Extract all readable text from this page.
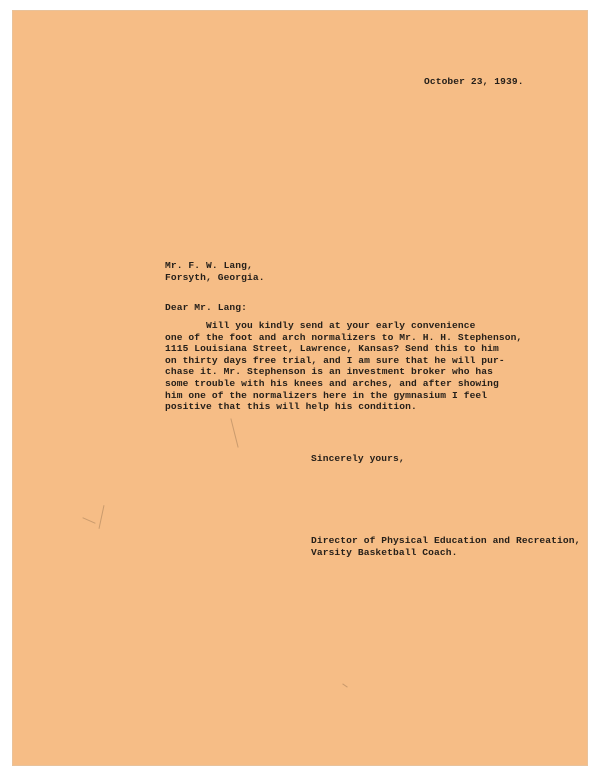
October 23, 1939.
Mr. F. W. Lang,
Forsyth, Georgia.
Dear Mr. Lang:
Will you kindly send at your early convenience
one of the foot and arch normalizers to Mr. H. H. Stephenson,
1115 Louisiana Street, Lawrence, Kansas? Send this to him
on thirty days free trial, and I am sure that he will pur-
chase it. Mr. Stephenson is an investment broker who has
some trouble with his knees and arches, and after showing
him one of the normalizers here in the gymnasium I feel
positive that this will help his condition.
Sincerely yours,
Director of Physical Education and Recreation,
Varsity Basketball Coach.
